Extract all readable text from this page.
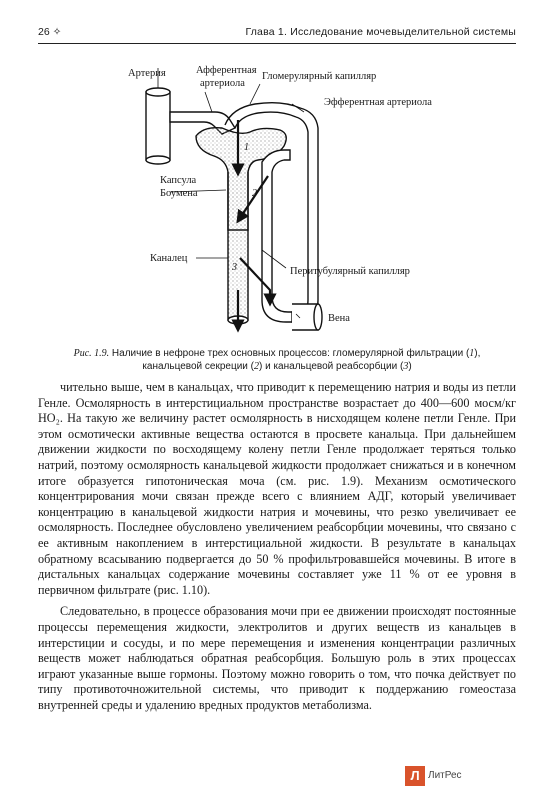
26 ✧	Глава 1. Исследование мочевыделительной системы
1
2
3
Артерия	Афферентная
артериола
Гломерулярный капилляр
Эфферентная артериола
Капсула
Боумена
Каналец
Перитубулярный капилляр
Вена
Рис. 1.9. Наличие в нефроне трех основных процессов: гломерулярной фильтрации (1),
канальцевой секреции (2) и канальцевой реабсорбции (3)

чительно выше, чем в канальцах, что приводит к перемещению натрия и воды из петли Генле. Осмолярность в интерстициальном пространстве возрастает до 400—600 мосм/кг НО₂. На такую же величину растет осмолярность в нисходящем колене петли Генле. При этом осмотически активные вещества остаются в просвете канальца. При дальнейшем движении жидкости по восходящему колену петли Генле продолжает теряться только натрий, поэтому осмолярность канальцевой жидкости продолжает снижаться и в конечном итоге образуется гипотоническая моча (см. рис. 1.9). Механизм осмотического концентрирования мочи связан прежде всего с влиянием АДГ, который увеличивает концентрацию в канальцевой жидкости натрия и мочевины, что резко увеличивает ее осмолярность. Последнее обусловлено увеличением реабсорбции мочевины, что связано с ее активным накоплением в интерстициальной жидкости. В результате в канальцах обратному всасыванию подвергается до 50 % профильтровавшейся мочевины. В итоге в дистальных канальцах содержание мочевины составляет уже 11 % от ее уровня в первичном фильтрате (рис. 1.10).

Следовательно, в процессе образования мочи при ее движении происходят постоянные процессы перемещения жидкости, электролитов и других веществ из канальцев в интерстиции и сосуды, и по мере перемещения и изменения концентрации различных веществ может наблюдаться обратная реабсорбция. Большую роль в этих процессах играют указанные выше гормоны. Поэтому можно говорить о том, что почка действует по типу противоточножительной системы, что приводит к поддержанию гомеостаза внутренней среды и удалению вредных продуктов метаболизма.

Л ЛитРес
